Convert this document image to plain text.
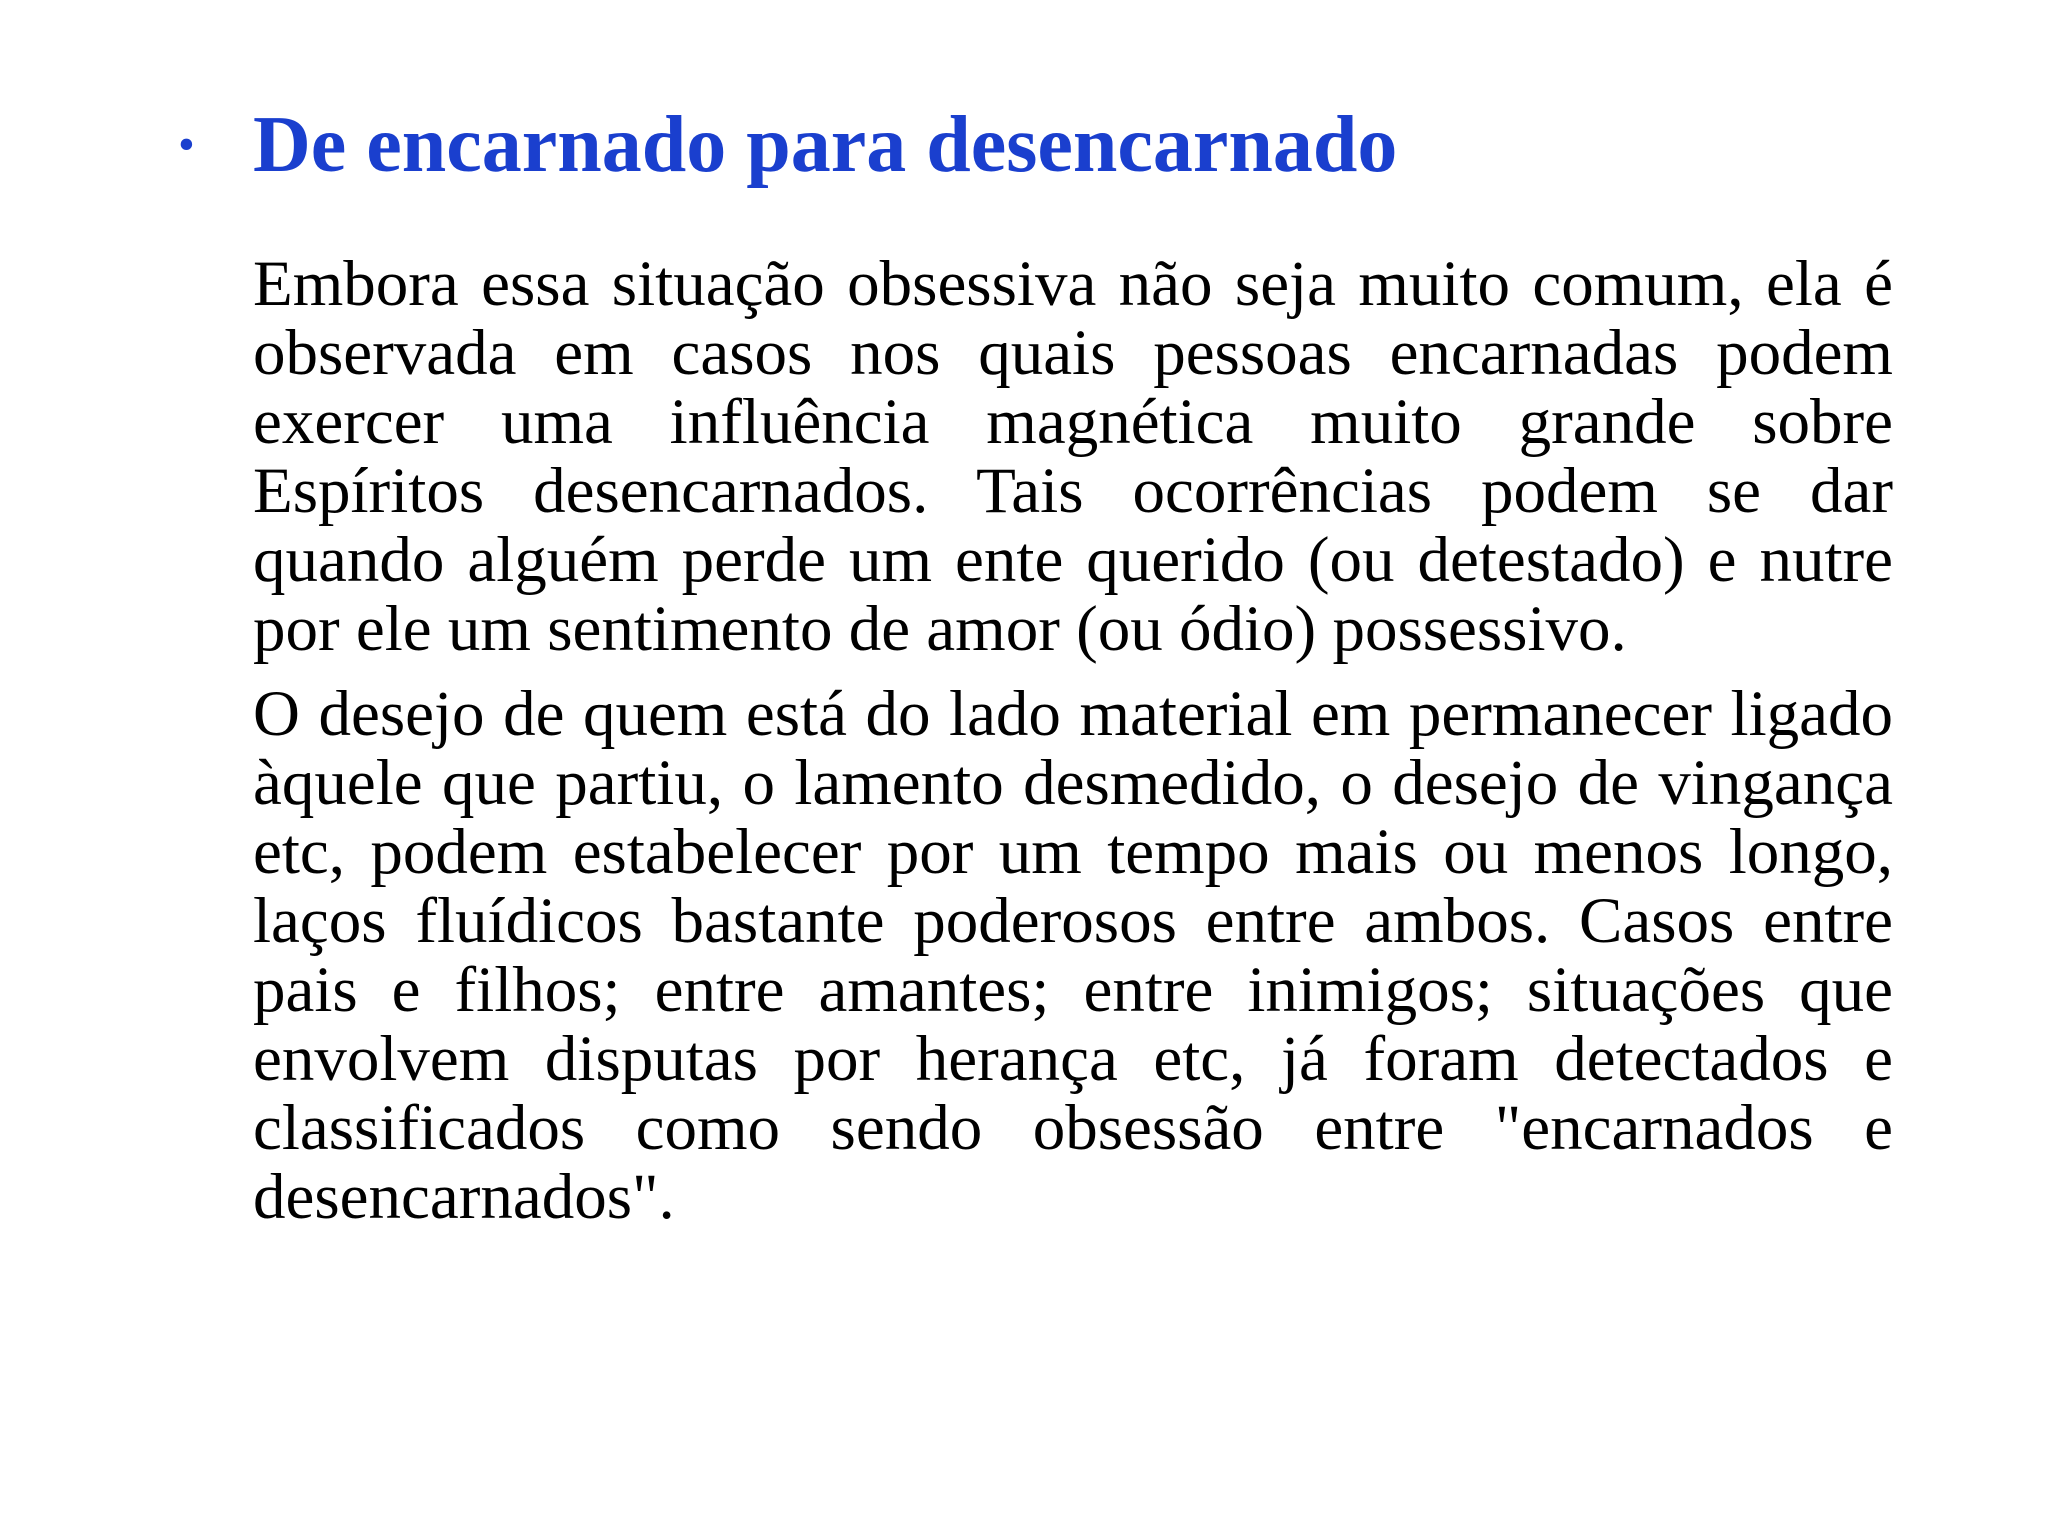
• De encarnado para desencarnado

Embora essa situação obsessiva não seja muito comum, ela é observada em casos nos quais pessoas encarnadas podem exercer uma influência magnética muito grande sobre Espíritos desencarnados. Tais ocorrências podem se dar quando alguém perde um ente querido (ou detestado) e nutre por ele um sentimento de amor (ou ódio) possessivo.

O desejo de quem está do lado material em permanecer ligado àquele que partiu, o lamento desmedido, o desejo de vingança etc, podem estabelecer por um tempo mais ou menos longo, laços fluídicos bastante poderosos entre ambos. Casos entre pais e filhos; entre amantes; entre inimigos; situações que envolvem disputas por herança etc, já foram detectados e classificados como sendo obsessão entre "encarnados e desencarnados".
